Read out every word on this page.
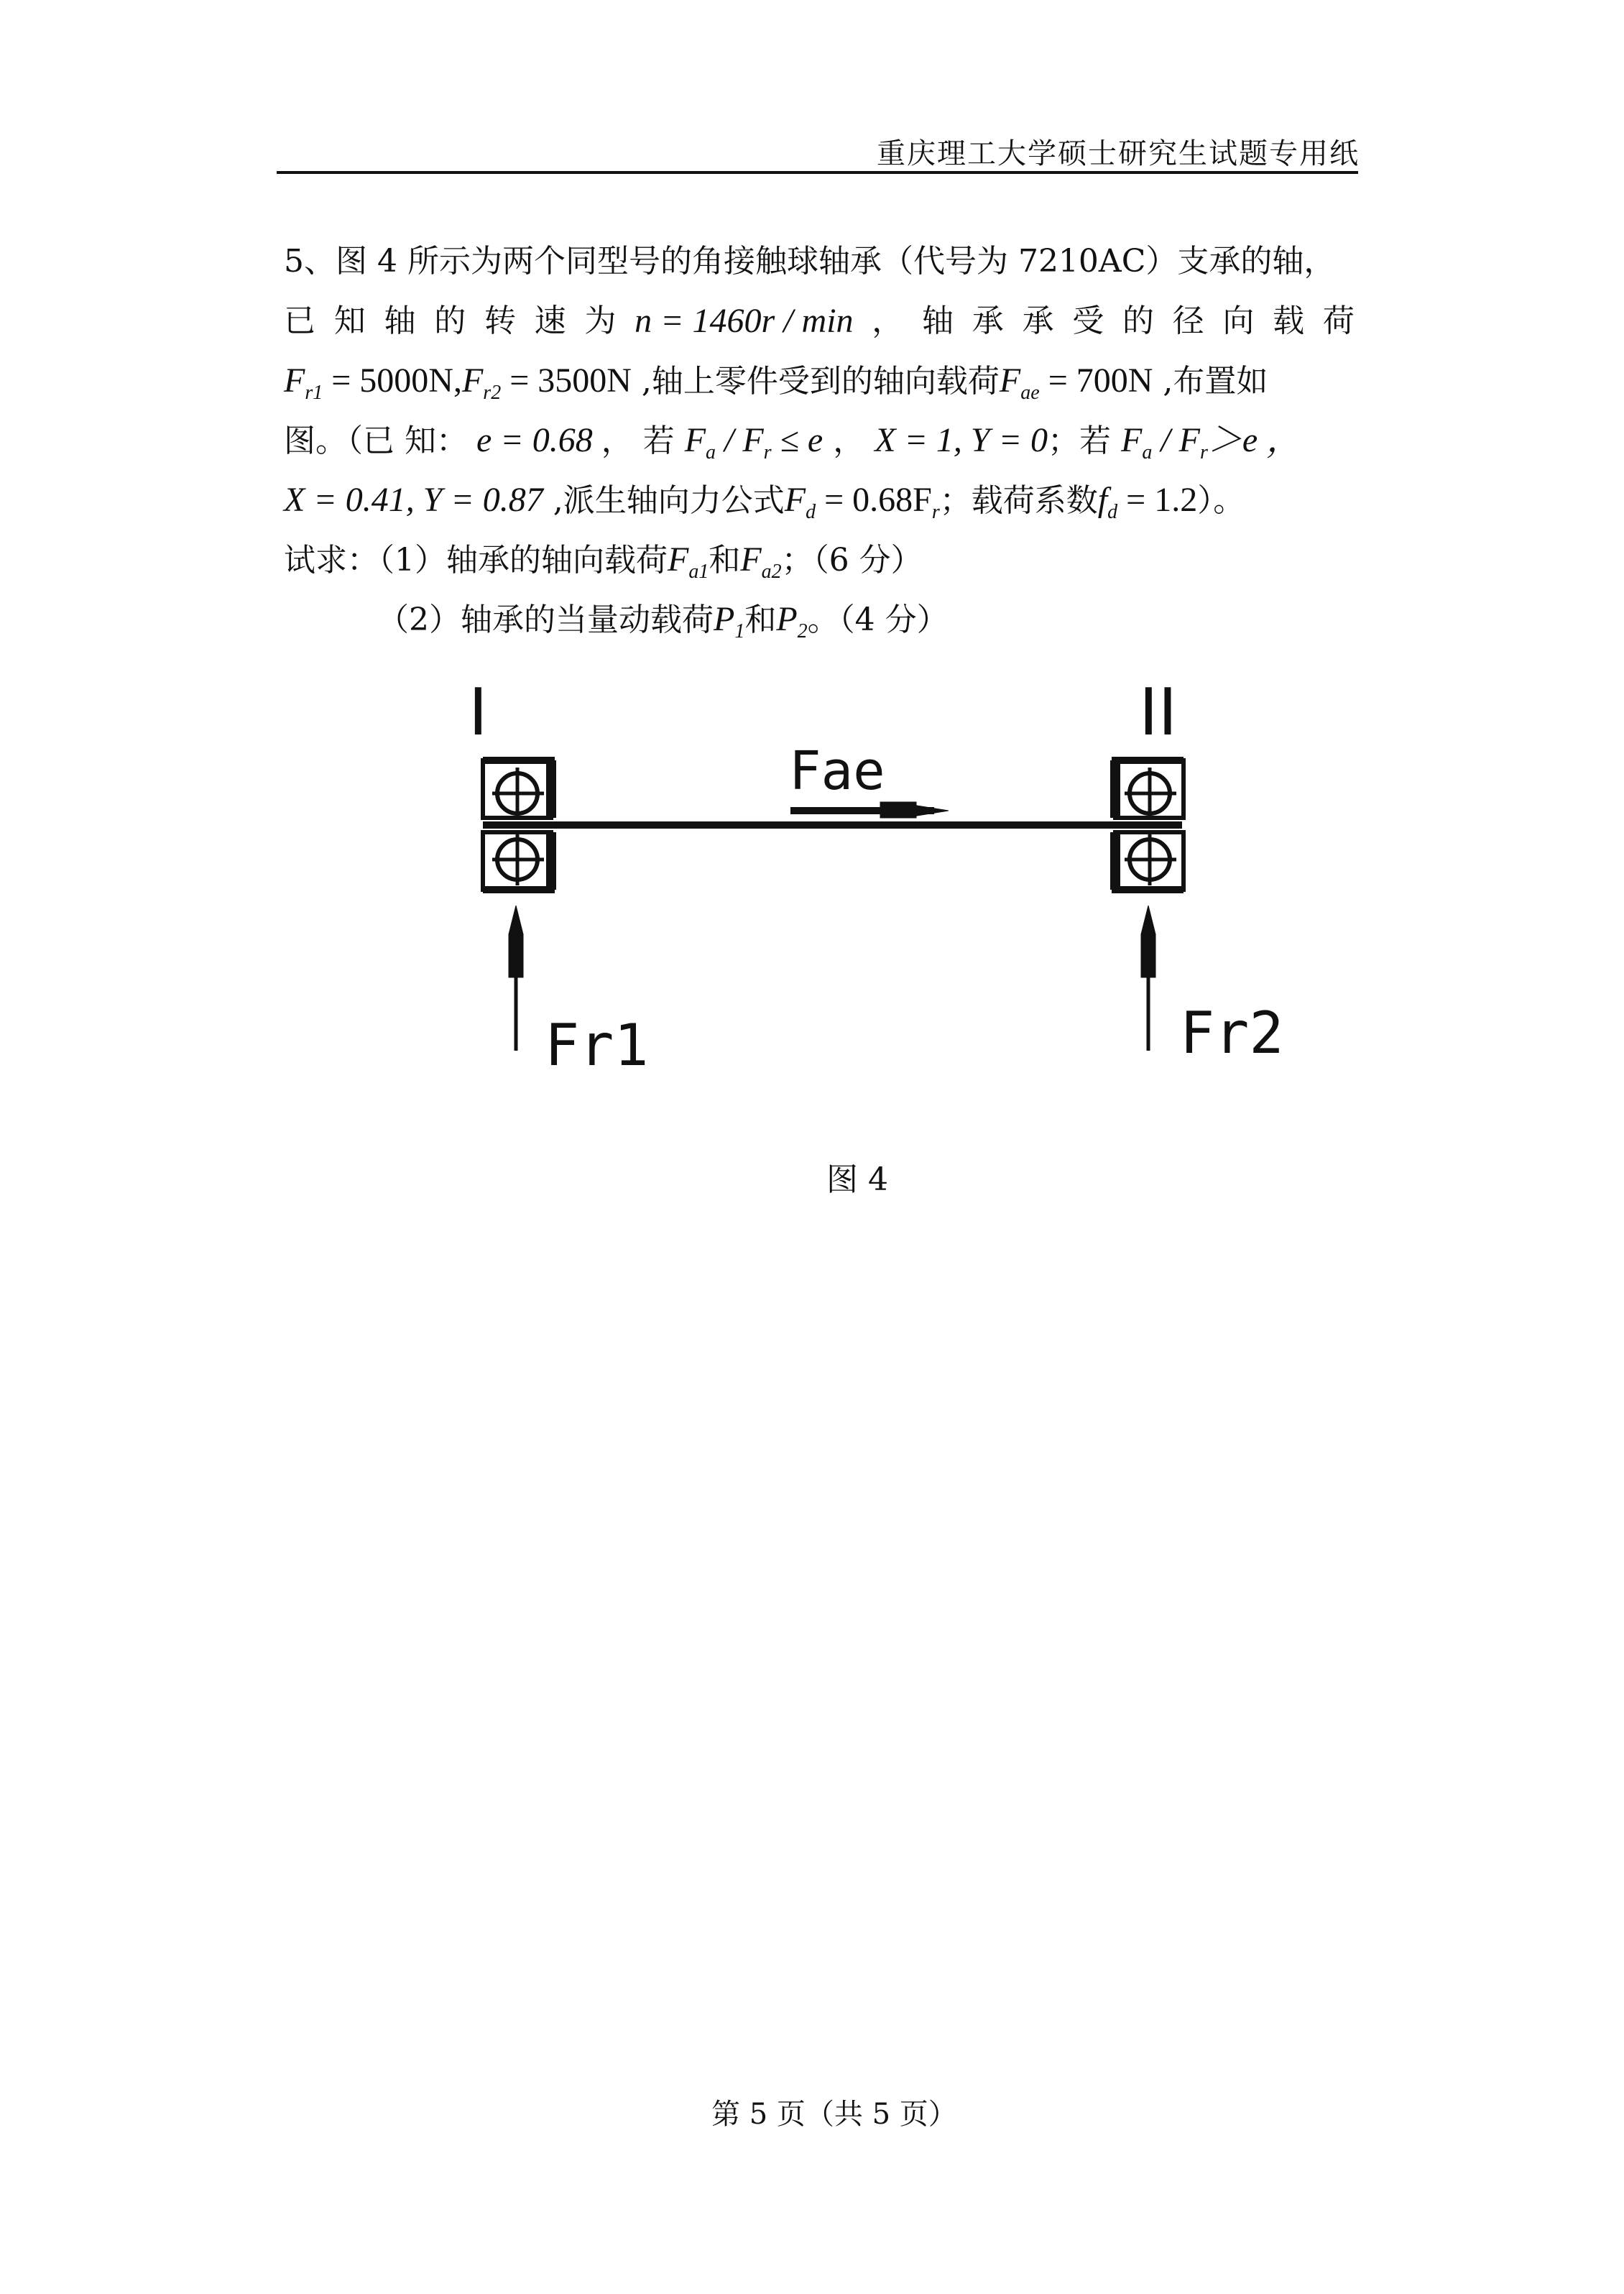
重庆理工大学硕士研究生试题专用纸
5、图 4 所示为两个同型号的角接触球轴承（代号为 7210AC）支承的轴，
已 知 轴 的 转 速 为 n = 1460r / min ， 轴 承 承 受 的 径 向 载 荷
$F_{r1} = 5000N,F_{r2} = 3500N$ ,轴上零件受到的轴向载荷$F_{ae} = 700N$ ,布置如
图。（已 知： e = 0.68 ， 若 $F_a / F_r \le e$ ， X = 1, Y = 0；若 $F_a / F_r>e$ ，
X = 0.41, Y = 0.87 ,派生轴向力公式$F_d = 0.68F_r$；载荷系数$f_d = 1.2$）。
试求：（1）轴承的轴向载荷$F_{a1}$和$F_{a2}$；（6 分）
（2）轴承的当量动载荷$P_1$和$P_2$。（4 分）
I	II
Fae
Fr1	Fr2
图 4
第 5 页（共 5 页）
